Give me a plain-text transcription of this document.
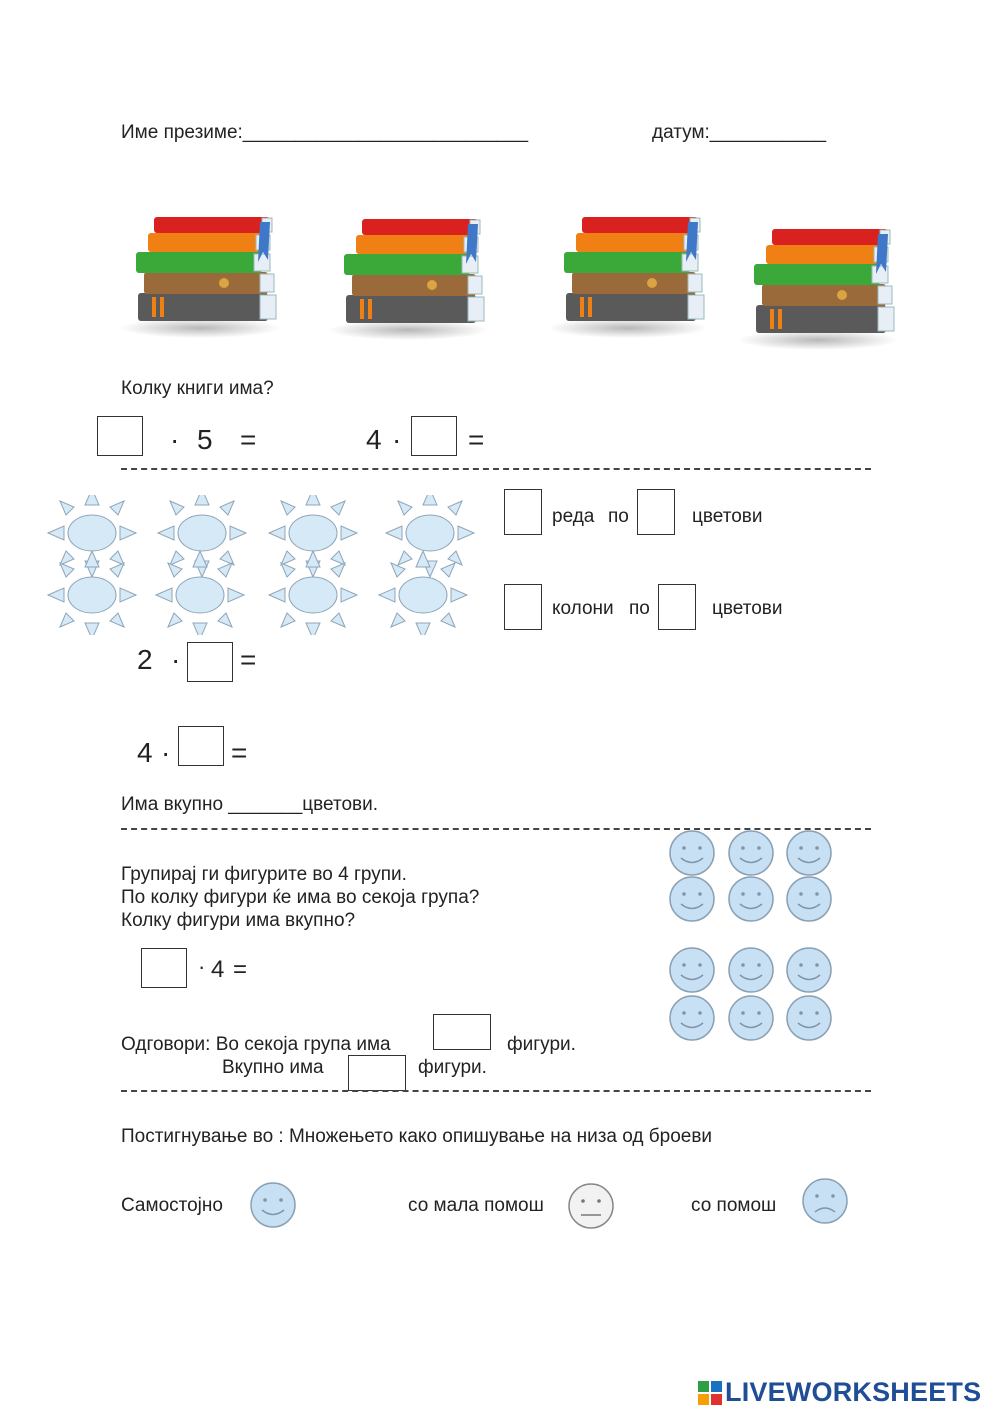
Име презиме:___________________________	датум:___________
Колку книги има?
· 5 =	4 · =
реда по	цветови
колони по	цветови
2 · =
4 · =
Има вкупно _______цветови.
Групирај ги фигурите во 4 групи.
По колку фигури ќе има во секоја група?
Колку фигури има вкупно?
· 4 =
Одговори: Во секоја група има	фигури.
Вкупно има	фигури.
Постигнување во : Множењето како опишување на низа од броеви
Самостојно	со мала помош	со помош
LIVEWORKSHEETS
